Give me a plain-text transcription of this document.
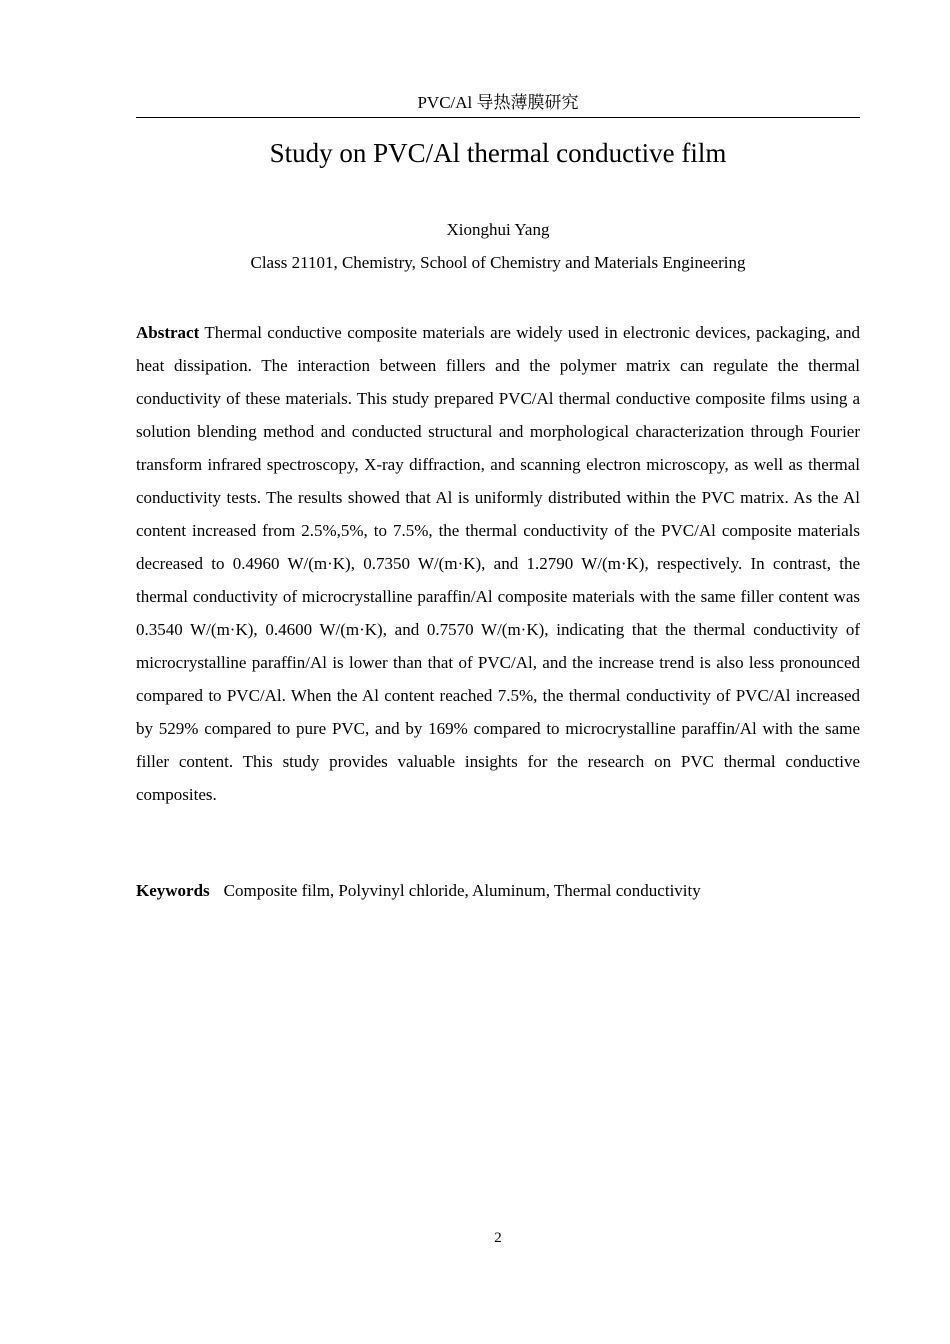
PVC/Al 导热薄膜研究
Study on PVC/Al thermal conductive film
Xionghui Yang
Class 21101, Chemistry, School of Chemistry and Materials Engineering

Abstract Thermal conductive composite materials are widely used in electronic devices, packaging, and heat dissipation. The interaction between fillers and the polymer matrix can regulate the thermal conductivity of these materials. This study prepared PVC/Al thermal conductive composite films using a solution blending method and conducted structural and morphological characterization through Fourier transform infrared spectroscopy, X-ray diffraction, and scanning electron microscopy, as well as thermal conductivity tests. The results showed that Al is uniformly distributed within the PVC matrix. As the Al content increased from 2.5%,5%, to 7.5%, the thermal conductivity of the PVC/Al composite materials decreased to 0.4960 W/(m·K), 0.7350 W/(m·K), and 1.2790 W/(m·K), respectively. In contrast, the thermal conductivity of microcrystalline paraffin/Al composite materials with the same filler content was 0.3540 W/(m·K), 0.4600 W/(m·K), and 0.7570 W/(m·K), indicating that the thermal conductivity of microcrystalline paraffin/Al is lower than that of PVC/Al, and the increase trend is also less pronounced compared to PVC/Al. When the Al content reached 7.5%, the thermal conductivity of PVC/Al increased by 529% compared to pure PVC, and by 169% compared to microcrystalline paraffin/Al with the same filler content. This study provides valuable insights for the research on PVC thermal conductive composites.

Keywords Composite film, Polyvinyl chloride, Aluminum, Thermal conductivity
2
